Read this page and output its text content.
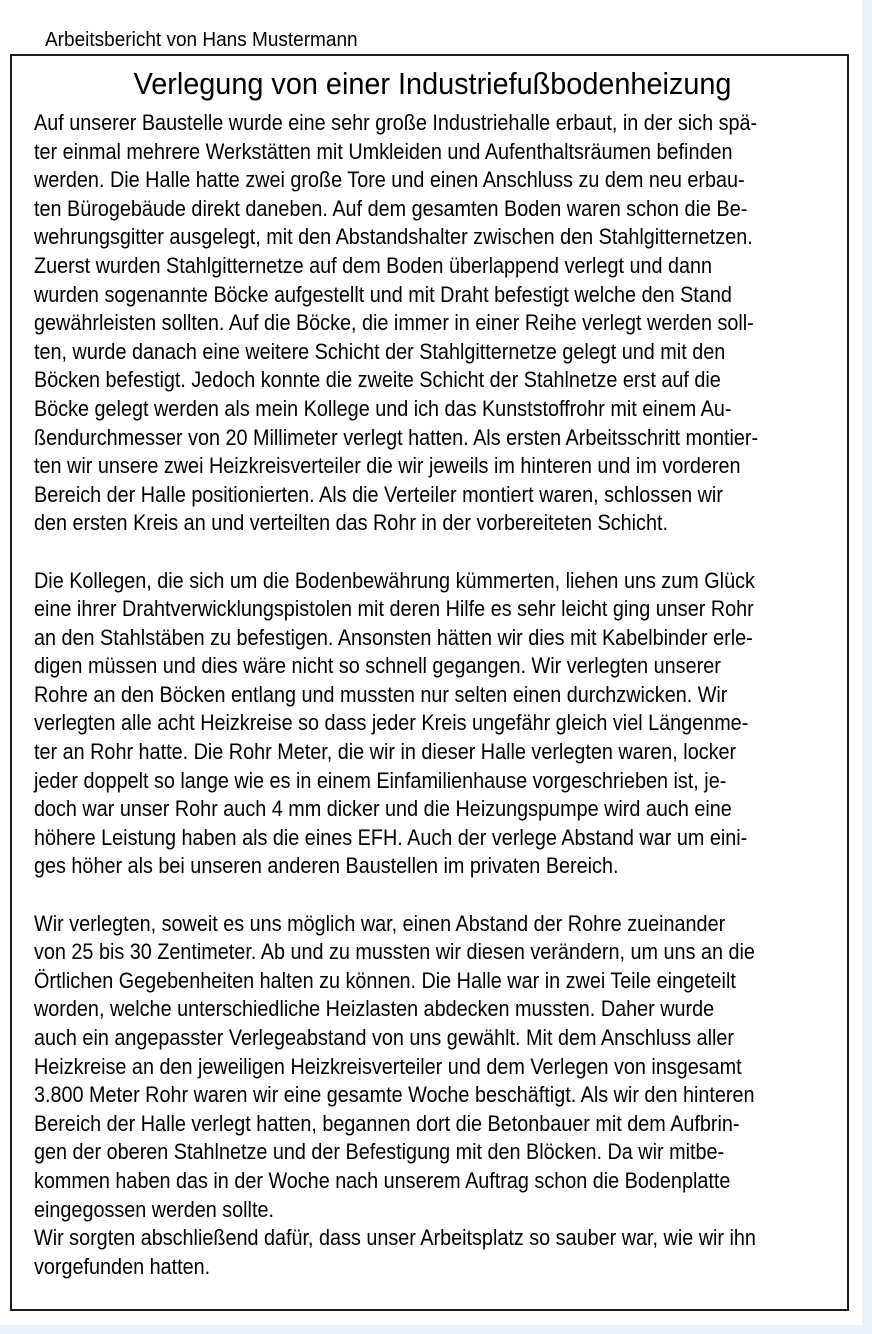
Arbeitsbericht von Hans Mustermann
Verlegung von einer Industriefußbodenheizung
Auf unserer Baustelle wurde eine sehr große Industriehalle erbaut, in der sich spä-
ter einmal mehrere Werkstätten mit Umkleiden und Aufenthaltsräumen befinden
werden. Die Halle hatte zwei große Tore und einen Anschluss zu dem neu erbau-
ten Bürogebäude direkt daneben. Auf dem gesamten Boden waren schon die Be-
wehrungsgitter ausgelegt, mit den Abstandshalter zwischen den Stahlgitternetzen.
Zuerst wurden Stahlgitternetze auf dem Boden überlappend verlegt und dann
wurden sogenannte Böcke aufgestellt und mit Draht befestigt welche den Stand
gewährleisten sollten. Auf die Böcke, die immer in einer Reihe verlegt werden soll-
ten, wurde danach eine weitere Schicht der Stahlgitternetze gelegt und mit den
Böcken befestigt. Jedoch konnte die zweite Schicht der Stahlnetze erst auf die
Böcke gelegt werden als mein Kollege und ich das Kunststoffrohr mit einem Au-
ßendurchmesser von 20 Millimeter verlegt hatten. Als ersten Arbeitsschritt montier-
ten wir unsere zwei Heizkreisverteiler die wir jeweils im hinteren und im vorderen
Bereich der Halle positionierten. Als die Verteiler montiert waren, schlossen wir
den ersten Kreis an und verteilten das Rohr in der vorbereiteten Schicht.
Die Kollegen, die sich um die Bodenbewährung kümmerten, liehen uns zum Glück
eine ihrer Drahtverwicklungspistolen mit deren Hilfe es sehr leicht ging unser Rohr
an den Stahlstäben zu befestigen. Ansonsten hätten wir dies mit Kabelbinder erle-
digen müssen und dies wäre nicht so schnell gegangen. Wir verlegten unserer
Rohre an den Böcken entlang und mussten nur selten einen durchzwicken. Wir
verlegten alle acht Heizkreise so dass jeder Kreis ungefähr gleich viel Längenme-
ter an Rohr hatte. Die Rohr Meter, die wir in dieser Halle verlegten waren, locker
jeder doppelt so lange wie es in einem Einfamilienhause vorgeschrieben ist, je-
doch war unser Rohr auch 4 mm dicker und die Heizungspumpe wird auch eine
höhere Leistung haben als die eines EFH. Auch der verlege Abstand war um eini-
ges höher als bei unseren anderen Baustellen im privaten Bereich.
Wir verlegten, soweit es uns möglich war, einen Abstand der Rohre zueinander
von 25 bis 30 Zentimeter. Ab und zu mussten wir diesen verändern, um uns an die
Örtlichen Gegebenheiten halten zu können. Die Halle war in zwei Teile eingeteilt
worden, welche unterschiedliche Heizlasten abdecken mussten. Daher wurde
auch ein angepasster Verlegeabstand von uns gewählt. Mit dem Anschluss aller
Heizkreise an den jeweiligen Heizkreisverteiler und dem Verlegen von insgesamt
3.800 Meter Rohr waren wir eine gesamte Woche beschäftigt. Als wir den hinteren
Bereich der Halle verlegt hatten, begannen dort die Betonbauer mit dem Aufbrin-
gen der oberen Stahlnetze und der Befestigung mit den Blöcken. Da wir mitbe-
kommen haben das in der Woche nach unserem Auftrag schon die Bodenplatte
eingegossen werden sollte.
Wir sorgten abschließend dafür, dass unser Arbeitsplatz so sauber war, wie wir ihn
vorgefunden hatten.
